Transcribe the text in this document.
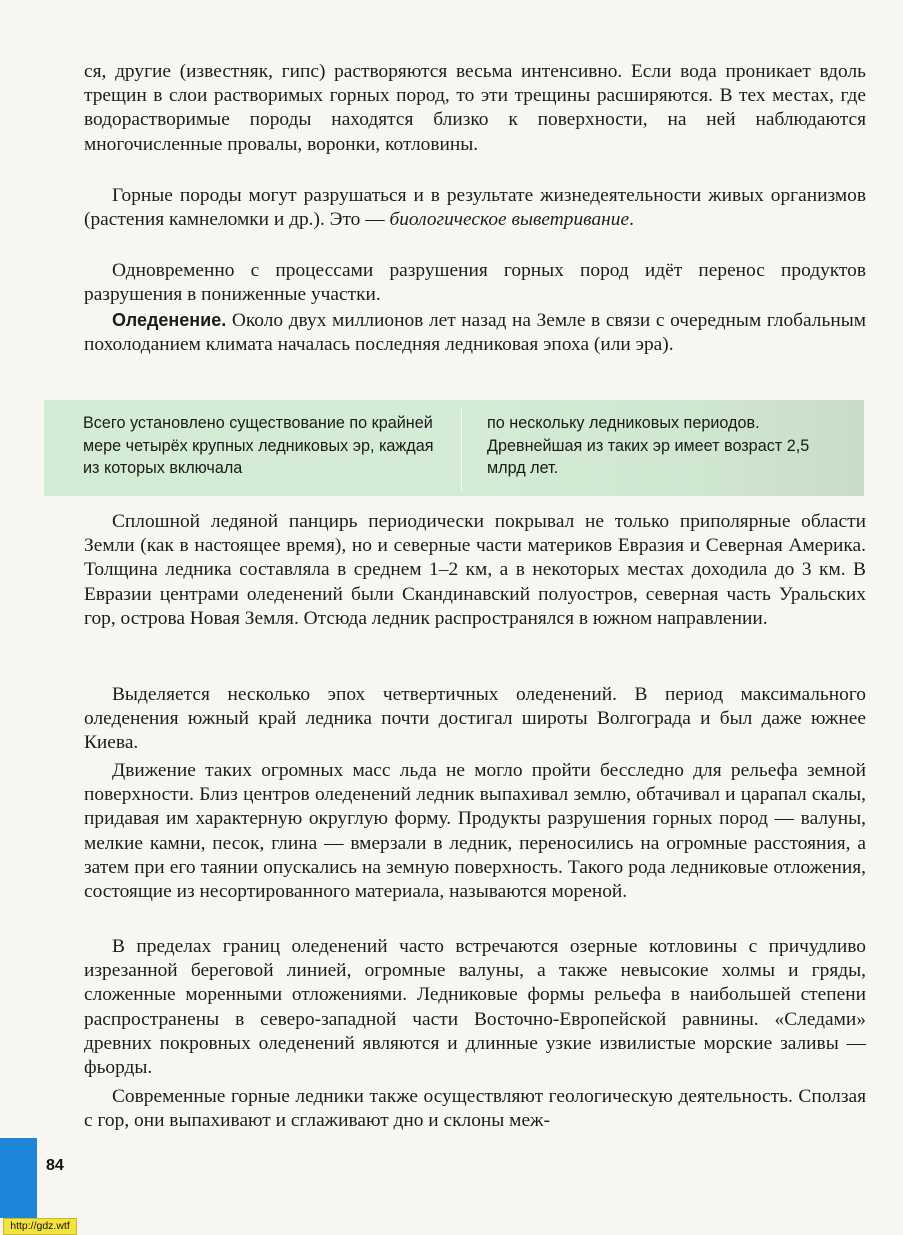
ся, другие (известняк, гипс) растворяются весьма интенсивно. Если вода проникает вдоль трещин в слои растворимых горных пород, то эти трещины расширяются. В тех местах, где водорастворимые породы находятся близко к поверхности, на ней наблюдаются многочисленные провалы, воронки, котловины.

Горные породы могут разрушаться и в результате жизнедеятельности живых организмов (растения камнеломки и др.). Это — биологическое выветривание.

Одновременно с процессами разрушения горных пород идёт перенос продуктов разрушения в пониженные участки.

Оледенение. Около двух миллионов лет назад на Земле в связи с очередным глобальным похолоданием климата началась последняя ледниковая эпоха (или эра).

Всего установлено существование по крайней мере четырёх крупных ледниковых эр, каждая из которых включала

по нескольку ледниковых периодов. Древнейшая из таких эр имеет возраст 2,5 млрд лет.

Сплошной ледяной панцирь периодически покрывал не только приполярные области Земли (как в настоящее время), но и северные части материков Евразия и Северная Америка. Толщина ледника составляла в среднем 1–2 км, а в некоторых местах доходила до 3 км. В Евразии центрами оледенений были Скандинавский полуостров, северная часть Уральских гор, острова Новая Земля. Отсюда ледник распространялся в южном направлении.

Выделяется несколько эпох четвертичных оледенений. В период максимального оледенения южный край ледника почти достигал широты Волгограда и был даже южнее Киева.

Движение таких огромных масс льда не могло пройти бесследно для рельефа земной поверхности. Близ центров оледенений ледник выпахивал землю, обтачивал и царапал скалы, придавая им характерную округлую форму. Продукты разрушения горных пород — валуны, мелкие камни, песок, глина — вмерзали в ледник, переносились на огромные расстояния, а затем при его таянии опускались на земную поверхность. Такого рода ледниковые отложения, состоящие из несортированного материала, называются мореной.

В пределах границ оледенений часто встречаются озерные котловины с причудливо изрезанной береговой линией, огромные валуны, а также невысокие холмы и гряды, сложенные моренными отложениями. Ледниковые формы рельефа в наибольшей степени распространены в северо-западной части Восточно-Европейской равнины. «Следами» древних покровных оледенений являются и длинные узкие извилистые морские заливы — фьорды.

Современные горные ледники также осуществляют геологическую деятельность. Сползая с гор, они выпахивают и сглаживают дно и склоны меж-

84
http://gdz.wtf
